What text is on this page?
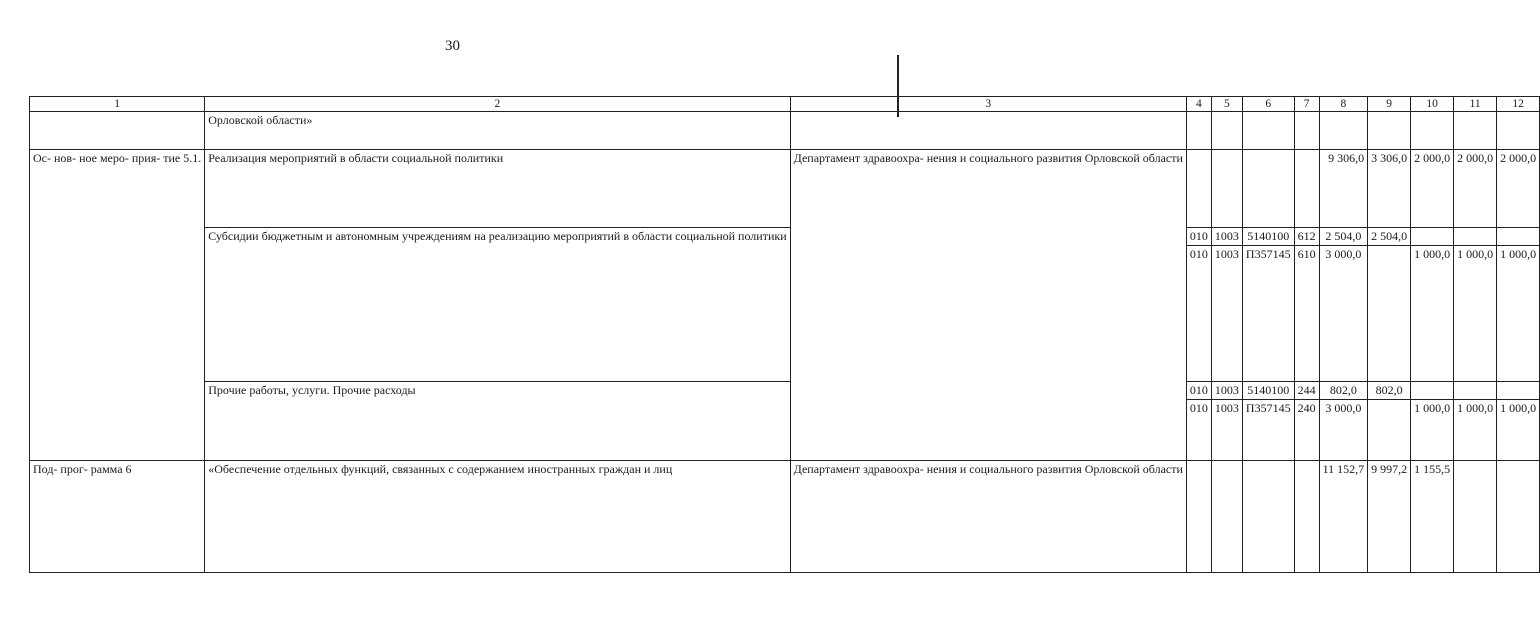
30
1	2	3	4	5	6	7	8	9	10	11	12
	Орловской области»										
Ос- нов- ное меро- прия- тие 5.1.	Реализация мероприятий в области социальной политики	Департамент здравоохра- нения и социального развития Орловской области					9 306,0	3 306,0	2 000,0	2 000,0	2 000,0
	Субсидии бюджетным и автономным учреждениям на реализацию мероприятий в области социальной политики		010	1003	5140100	612	2 504,0	2 504,0			
			010	1003	П357145	610	3 000,0		1 000,0	1 000,0	1 000,0

	Прочие работы, услуги. Прочие расходы		010	1003	5140100	244	802,0	802,0			
			010	1003	П357145	240	3 000,0		1 000,0	1 000,0	1 000,0

Под- прог- рамма 6	«Обеспечение отдельных функций, связанных с содержанием иностранных граждан и лиц	Департамент здравоохра- нения и социального развития Орловской области					11 152,7	9 997,2	1 155,5		
